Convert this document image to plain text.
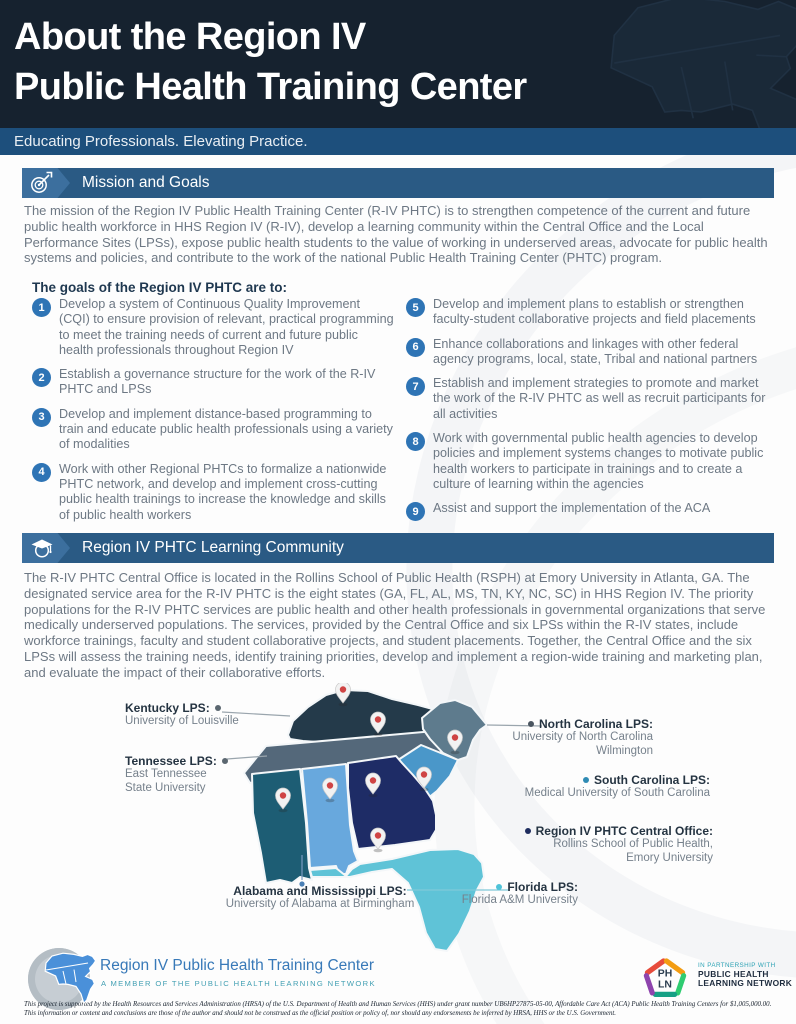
About the Region IV
Public Health Training Center
Educating Professionals. Elevating Practice.
Mission and Goals

The mission of the Region IV Public Health Training Center (R-IV PHTC) is to strengthen competence of the current and future public health workforce in HHS Region IV (R-IV), develop a learning community within the Central Office and the Local Performance Sites (LPSs), expose public health students to the value of working in underserved areas, advocate for public health systems and policies, and contribute to the work of the national Public Health Training Center (PHTC) program.

The goals of the Region IV PHTC are to:
1	Develop a system of Continuous Quality Improvement (CQI) to ensure provision of relevant, practical programming to meet the training needs of current and future public health professionals throughout Region IV

2	Establish a governance structure for the work of the R-IV PHTC and LPSs

3	Develop and implement distance-based programming to train and educate public health professionals using a variety of modalities

4	Work with other Regional PHTCs to formalize a nationwide PHTC network, and develop and implement cross-cutting public health trainings to increase the knowledge and skills of public health workers

5	Develop and implement plans to establish or strengthen faculty-student collaborative projects and field placements

6	Enhance collaborations and linkages with other federal agency programs, local, state, Tribal and national partners

7	Establish and implement strategies to promote and market the work of the R-IV PHTC as well as recruit participants for all activities

8	Work with governmental public health agencies to develop policies and implement systems changes to motivate public health workers to participate in trainings and to create a culture of learning within the agencies

9	Assist and support the implementation of the ACA

Region IV PHTC Learning Community

The R-IV PHTC Central Office is located in the Rollins School of Public Health (RSPH) at Emory University in Atlanta, GA. The designated service area for the R-IV PHTC is the eight states (GA, FL, AL, MS, TN, KY, NC, SC) in HHS Region IV. The priority populations for the R-IV PHTC services are public health and other health professionals in governmental organizations that serve medically underserved populations. The services, provided by the Central Office and six LPSs within the R-IV states, include workforce trainings, faculty and student collaborative projects, and student placements. Together, the Central Office and the six LPSs will assess the training needs, identify training priorities, develop and implement a region-wide training and marketing plan, and evaluate the impact of their collaborative efforts.

Kentucky LPS:
University of Louisville
Tennessee LPS:
East Tennessee
State University
Alabama and Mississippi LPS:
University of Alabama at Birmingham
North Carolina LPS:
University of North Carolina
Wilmington
South Carolina LPS:
Medical University of South Carolina
Region IV PHTC Central Office:
Rollins School of Public Health,
Emory University
Florida LPS:
Florida A&M University
Region IV Public Health Training Center
A MEMBER OF THE PUBLIC HEALTH LEARNING NETWORK
PH
LN
IN PARTNERSHIP WITH
PUBLIC HEALTH
LEARNING NETWORK
This project is supported by the Health Resources and Services Administration (HRSA) of the U.S. Department of Health and Human Services (HHS) under grant number UB6HP27875-05-00, Affordable Care Act (ACA) Public Health Training Centers for $1,005,000.00. This information or content and conclusions are those of the author and should not be construed as the official position or policy of, nor should any endorsements be inferred by HRSA, HHS or the U.S. Government.
